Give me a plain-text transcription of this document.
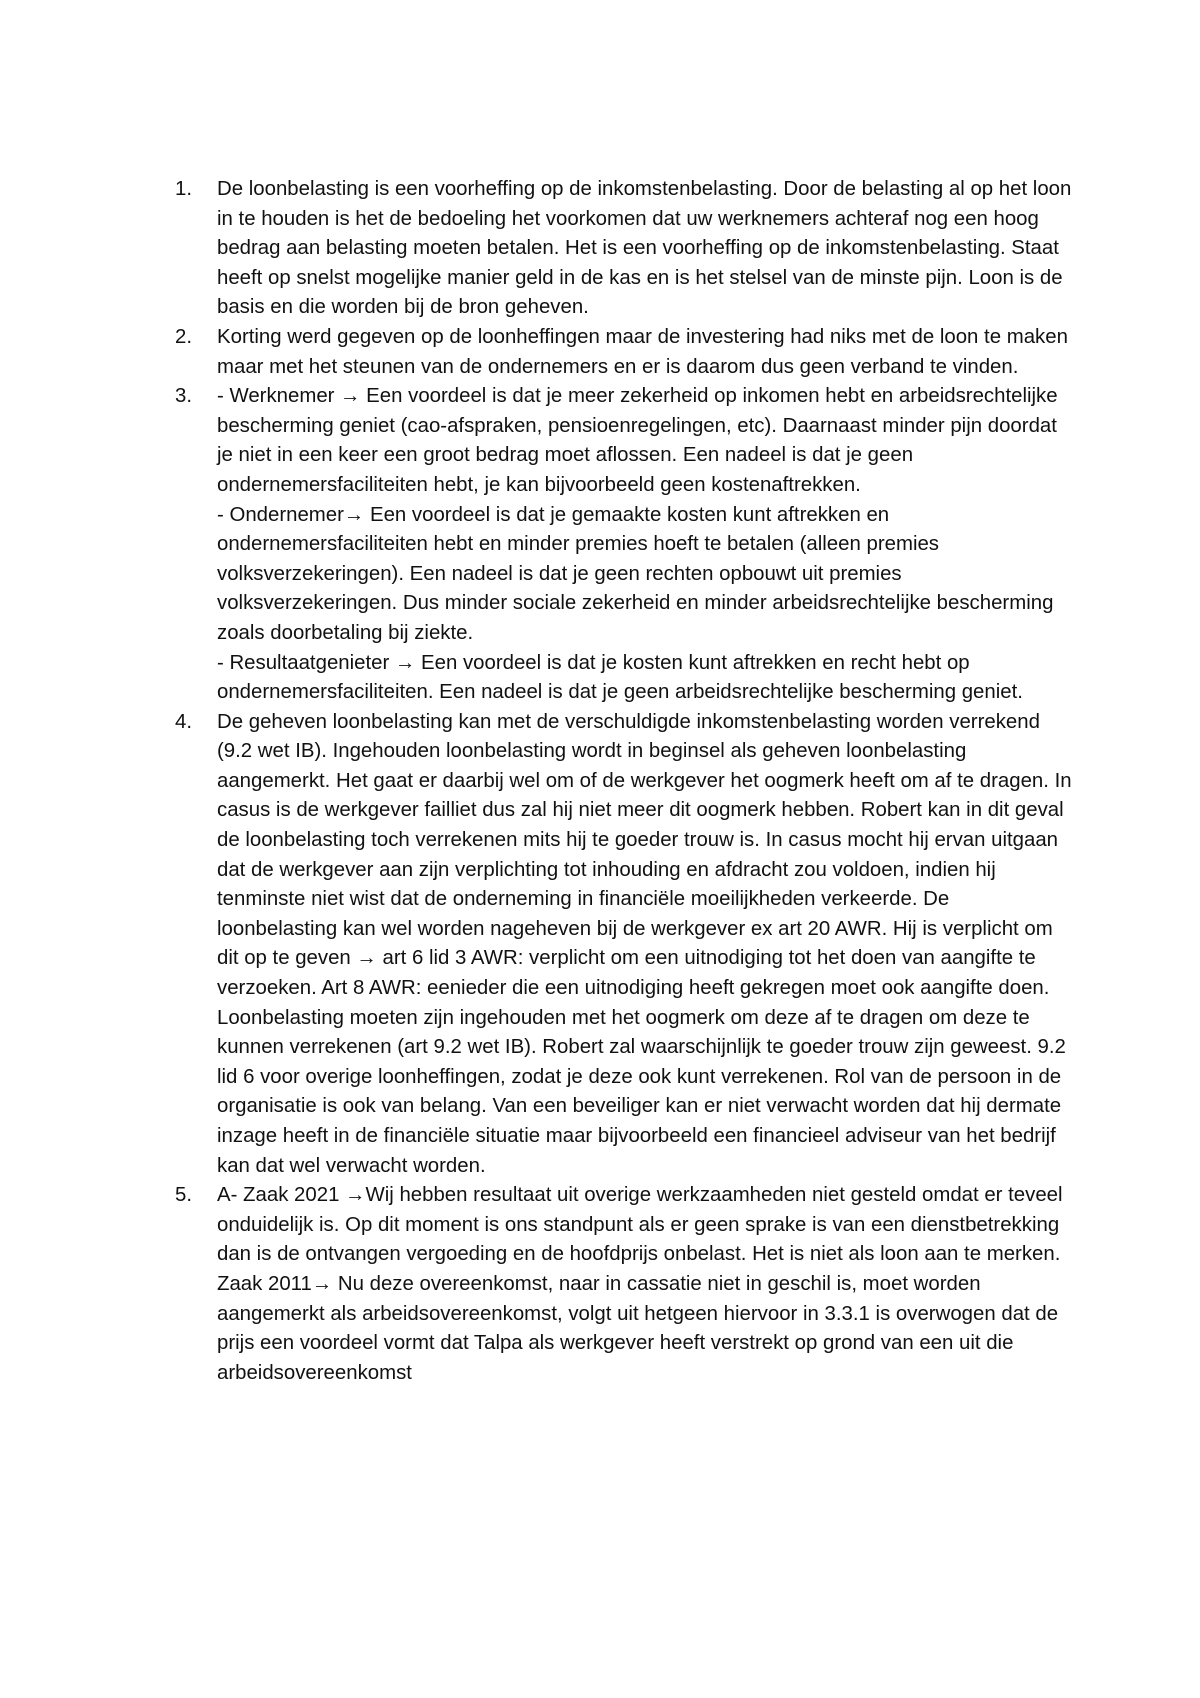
1. De loonbelasting is een voorheffing op de inkomstenbelasting. Door de belasting al op het loon in te houden is het de bedoeling het voorkomen dat uw werknemers achteraf nog een hoog bedrag aan belasting moeten betalen. Het is een voorheffing op de inkomstenbelasting. Staat heeft op snelst mogelijke manier geld in de kas en is het stelsel van de minste pijn. Loon is de basis en die worden bij de bron geheven.
2. Korting werd gegeven op de loonheffingen maar de investering had niks met de loon te maken maar met het steunen van de ondernemers en er is daarom dus geen verband te vinden.
3. - Werknemer → Een voordeel is dat je meer zekerheid op inkomen hebt en arbeidsrechtelijke bescherming geniet (cao-afspraken, pensioenregelingen, etc). Daarnaast minder pijn doordat je niet in een keer een groot bedrag moet aflossen. Een nadeel is dat je geen ondernemersfaciliteiten hebt, je kan bijvoorbeeld geen kostenaftrekken.
- Ondernemer→ Een voordeel is dat je gemaakte kosten kunt aftrekken en ondernemersfaciliteiten hebt en minder premies hoeft te betalen (alleen premies volksverzekeringen). Een nadeel is dat je geen rechten opbouwt uit premies volksverzekeringen. Dus minder sociale zekerheid en minder arbeidsrechtelijke bescherming zoals doorbetaling bij ziekte.
- Resultaatgenieter → Een voordeel is dat je kosten kunt aftrekken en recht hebt op ondernemersfaciliteiten. Een nadeel is dat je geen arbeidsrechtelijke bescherming geniet.
4. De geheven loonbelasting kan met de verschuldigde inkomstenbelasting worden verrekend (9.2 wet IB). Ingehouden loonbelasting wordt in beginsel als geheven loonbelasting aangemerkt. Het gaat er daarbij wel om of de werkgever het oogmerk heeft om af te dragen. In casus is de werkgever failliet dus zal hij niet meer dit oogmerk hebben. Robert kan in dit geval de loonbelasting toch verrekenen mits hij te goeder trouw is. In casus mocht hij ervan uitgaan dat de werkgever aan zijn verplichting tot inhouding en afdracht zou voldoen, indien hij tenminste niet wist dat de onderneming in financiële moeilijkheden verkeerde. De loonbelasting kan wel worden nageheven bij de werkgever ex art 20 AWR. Hij is verplicht om dit op te geven → art 6 lid 3 AWR: verplicht om een uitnodiging tot het doen van aangifte te verzoeken. Art 8 AWR: eenieder die een uitnodiging heeft gekregen moet ook aangifte doen. Loonbelasting moeten zijn ingehouden met het oogmerk om deze af te dragen om deze te kunnen verrekenen (art 9.2 wet IB). Robert zal waarschijnlijk te goeder trouw zijn geweest. 9.2 lid 6 voor overige loonheffingen, zodat je deze ook kunt verrekenen. Rol van de persoon in de organisatie is ook van belang. Van een beveiliger kan er niet verwacht worden dat hij dermate inzage heeft in de financiële situatie maar bijvoorbeeld een financieel adviseur van het bedrijf kan dat wel verwacht worden.
5. A- Zaak 2021 →Wij hebben resultaat uit overige werkzaamheden niet gesteld omdat er teveel onduidelijk is. Op dit moment is ons standpunt als er geen sprake is van een dienstbetrekking dan is de ontvangen vergoeding en de hoofdprijs onbelast. Het is niet als loon aan te merken. Zaak 2011→ Nu deze overeenkomst, naar in cassatie niet in geschil is, moet worden aangemerkt als arbeidsovereenkomst, volgt uit hetgeen hiervoor in 3.3.1 is overwogen dat de prijs een voordeel vormt dat Talpa als werkgever heeft verstrekt op grond van een uit die arbeidsovereenkomst
